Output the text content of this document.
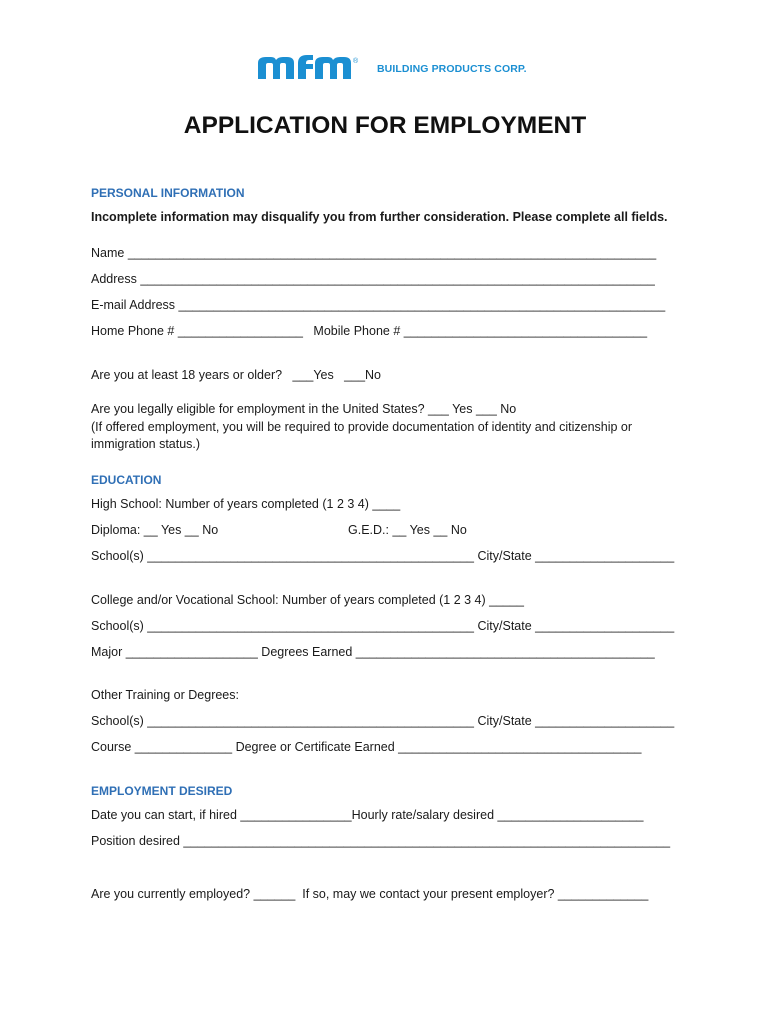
®
BUILDING PRODUCTS CORP.
APPLICATION FOR EMPLOYMENT
PERSONAL INFORMATION
Incomplete information may disqualify you from further consideration. Please complete all fields.
Name ____________________________________________________________________________
Address __________________________________________________________________________
E-mail Address ______________________________________________________________________
Home Phone # __________________   Mobile Phone # ___________________________________
Are you at least 18 years or older?   ___Yes   ___No
Are you legally eligible for employment in the United States? ___ Yes ___ No
(If offered employment, you will be required to provide documentation of identity and citizenship or
immigration status.)
EDUCATION
High School: Number of years completed (1 2 3 4) ____
Diploma: __ Yes __ No	G.E.D.: __ Yes __ No
School(s) _______________________________________________ City/State ____________________
College and/or Vocational School: Number of years completed (1 2 3 4) _____
School(s) _______________________________________________ City/State ____________________
Major ___________________ Degrees Earned ___________________________________________
Other Training or Degrees:
School(s) _______________________________________________ City/State ____________________
Course ______________ Degree or Certificate Earned ___________________________________
EMPLOYMENT DESIRED
Date you can start, if hired ________________Hourly rate/salary desired _____________________
Position desired ______________________________________________________________________
Are you currently employed? ______  If so, may we contact your present employer? _____________
